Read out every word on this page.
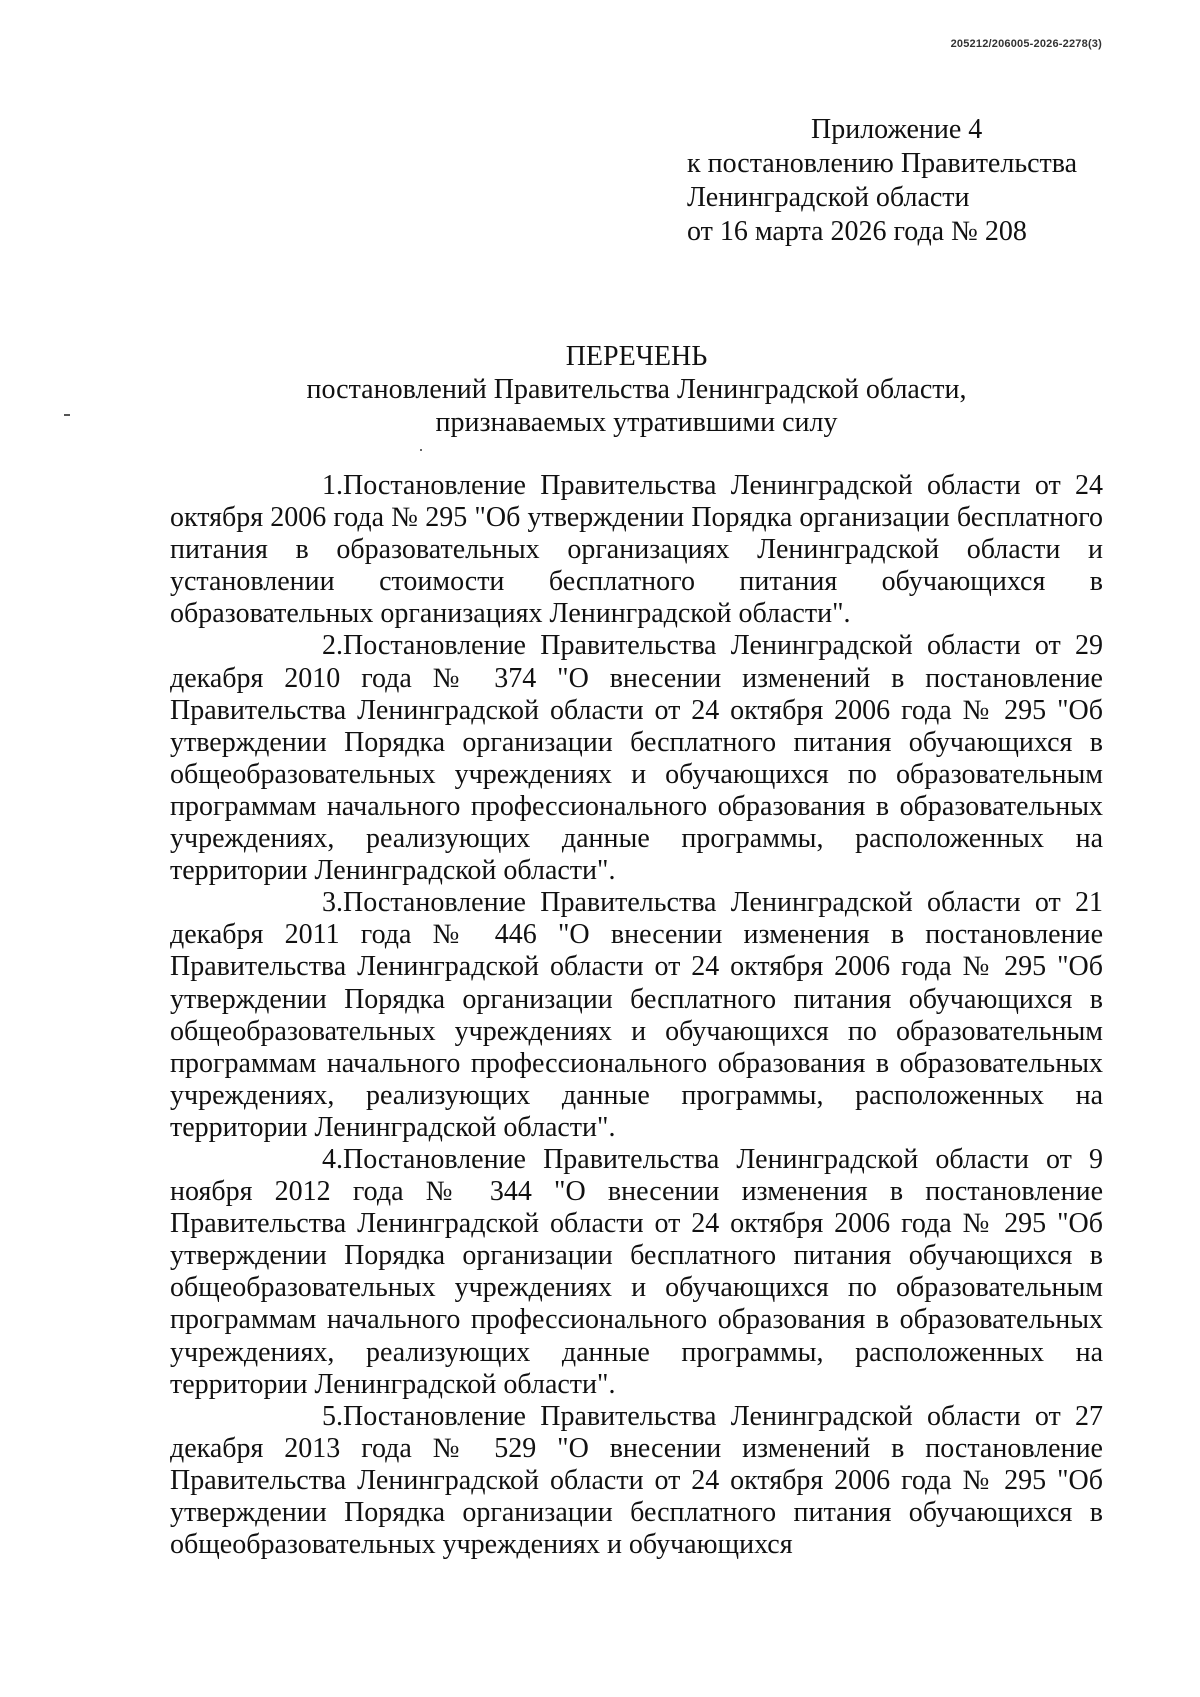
205212/206005-2026-2278(3)
Приложение 4
к постановлению Правительства
Ленинградской области
от 16 марта 2026 года № 208
ПЕРЕЧЕНЬ
постановлений Правительства Ленинградской области,
признаваемых утратившими силу

1.Постановление Правительства Ленинградской области от 24 октября 2006 года № 295 "Об утверждении Порядка организации бесплатного питания в образовательных организациях Ленинградской области и установлении стоимости бесплатного питания обучающихся в образовательных организациях Ленинградской области".

2.Постановление Правительства Ленинградской области от 29 декабря 2010 года № 374 "О внесении изменений в постановление Правительства Ленинградской области от 24 октября 2006 года № 295 "Об утверждении Порядка организации бесплатного питания обучающихся в общеобразовательных учреждениях и обучающихся по образовательным программам начального профессионального образования в образовательных учреждениях, реализующих данные программы, расположенных на территории Ленинградской области".

3.Постановление Правительства Ленинградской области от 21 декабря 2011 года № 446 "О внесении изменения в постановление Правительства Ленинградской области от 24 октября 2006 года № 295 "Об утверждении Порядка организации бесплатного питания обучающихся в общеобразовательных учреждениях и обучающихся по образовательным программам начального профессионального образования в образовательных учреждениях, реализующих данные программы, расположенных на территории Ленинградской области".

4.Постановление Правительства Ленинградской области от 9 ноября 2012 года № 344 "О внесении изменения в постановление Правительства Ленинградской области от 24 октября 2006 года № 295 "Об утверждении Порядка организации бесплатного питания обучающихся в общеобразовательных учреждениях и обучающихся по образовательным программам начального профессионального образования в образовательных учреждениях, реализующих данные программы, расположенных на территории Ленинградской области".

5.Постановление Правительства Ленинградской области от 27 декабря 2013 года № 529 "О внесении изменений в постановление Правительства Ленинградской области от 24 октября 2006 года № 295 "Об утверждении Порядка организации бесплатного питания обучающихся в общеобразовательных учреждениях и обучающихся
